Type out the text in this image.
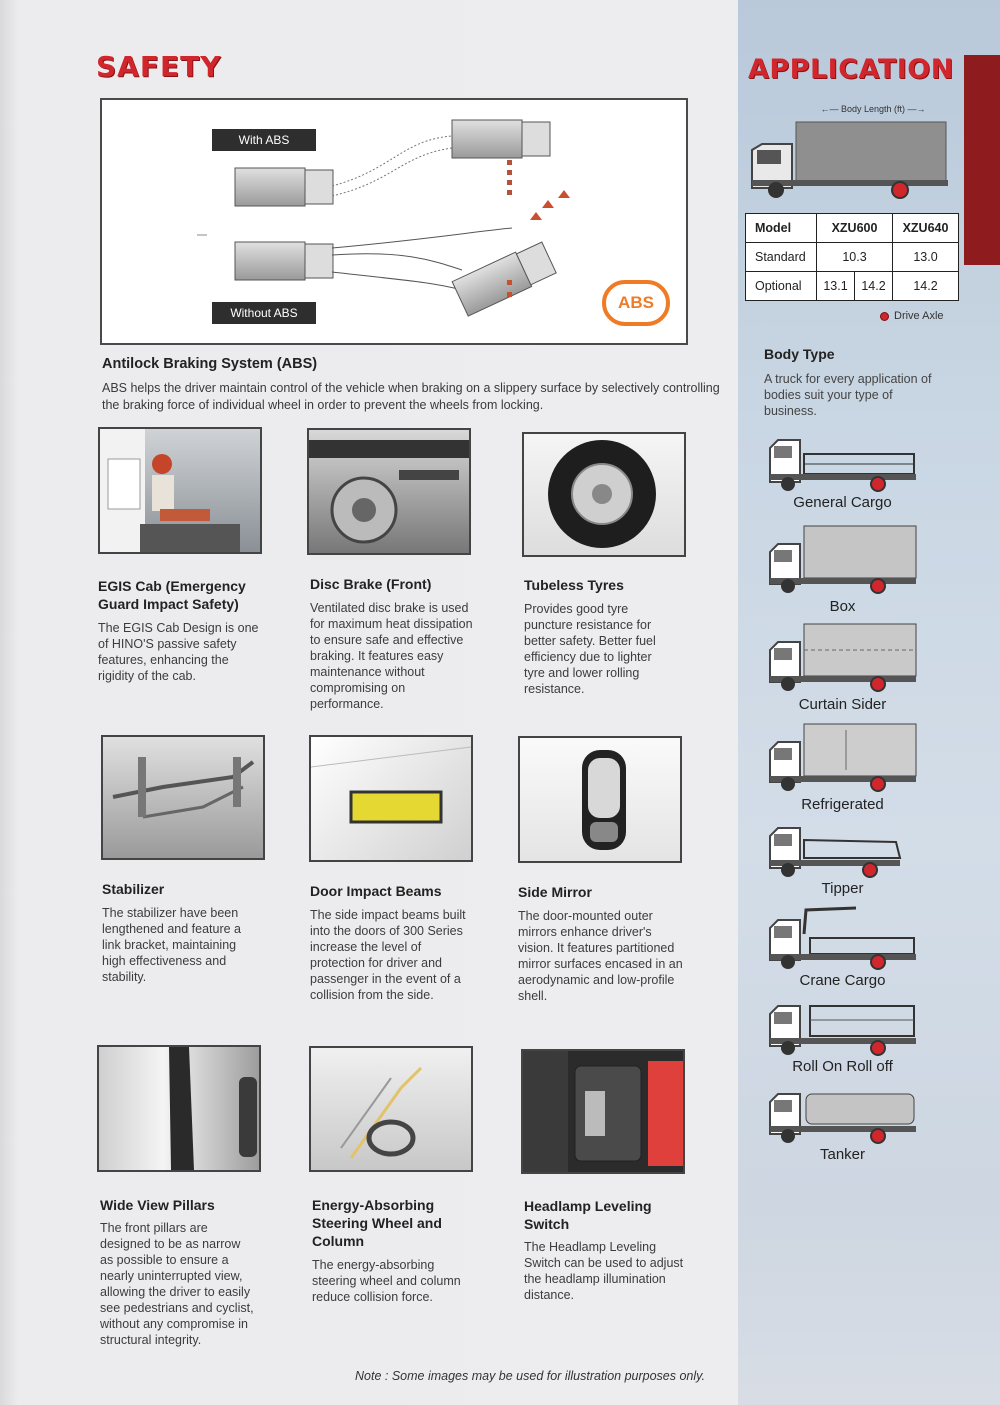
SAFETY	APPLICATION
With ABS
Without ABS
ABS
Antilock Braking System (ABS)
ABS helps the driver maintain control of the vehicle when braking on a slippery surface by selectively controlling the braking force of individual wheel in order to prevent the wheels from locking.
EGIS Cab (Emergency Guard Impact Safety)
The EGIS Cab Design is one of HINO'S passive safety features, enhancing the rigidity of the cab.
Disc Brake (Front)
Ventilated disc brake is used for maximum heat dissipation to ensure safe and effective braking. It features easy maintenance without compromising on performance.
Tubeless Tyres
Provides good tyre puncture resistance for better safety. Better fuel efficiency due to lighter tyre and lower rolling resistance.
Stabilizer
The stabilizer have been lengthened and feature a link bracket, maintaining high effectiveness and stability.
Door Impact Beams
The side impact beams built into the doors of 300 Series increase the level of protection for driver and passenger in the event of a collision from the side.
Side Mirror
The door-mounted outer mirrors enhance driver's vision. It features partitioned mirror surfaces encased in an aerodynamic and low-profile shell.
Wide View Pillars
The front pillars are designed to be as narrow as possible to ensure a nearly uninterrupted view, allowing the driver to easily see pedestrians and cyclist, without any compromise in structural integrity.
Energy-Absorbing Steering Wheel and Column
The energy-absorbing steering wheel and column reduce collision force.
Headlamp Leveling Switch
The Headlamp Leveling Switch can be used to adjust the headlamp illumination distance.
Note : Some images may be used for illustration purposes only.
←— Body Length (ft) —→
Model	XZU600		XZU640
Standard	10.3		13.0
Optional	13.1	14.2	14.2
Drive Axle
Body Type
A truck for every application of bodies suit your type of business.
General Cargo
Box
Curtain Sider
Refrigerated
Tipper
Crane Cargo
Roll On Roll off
Tanker
